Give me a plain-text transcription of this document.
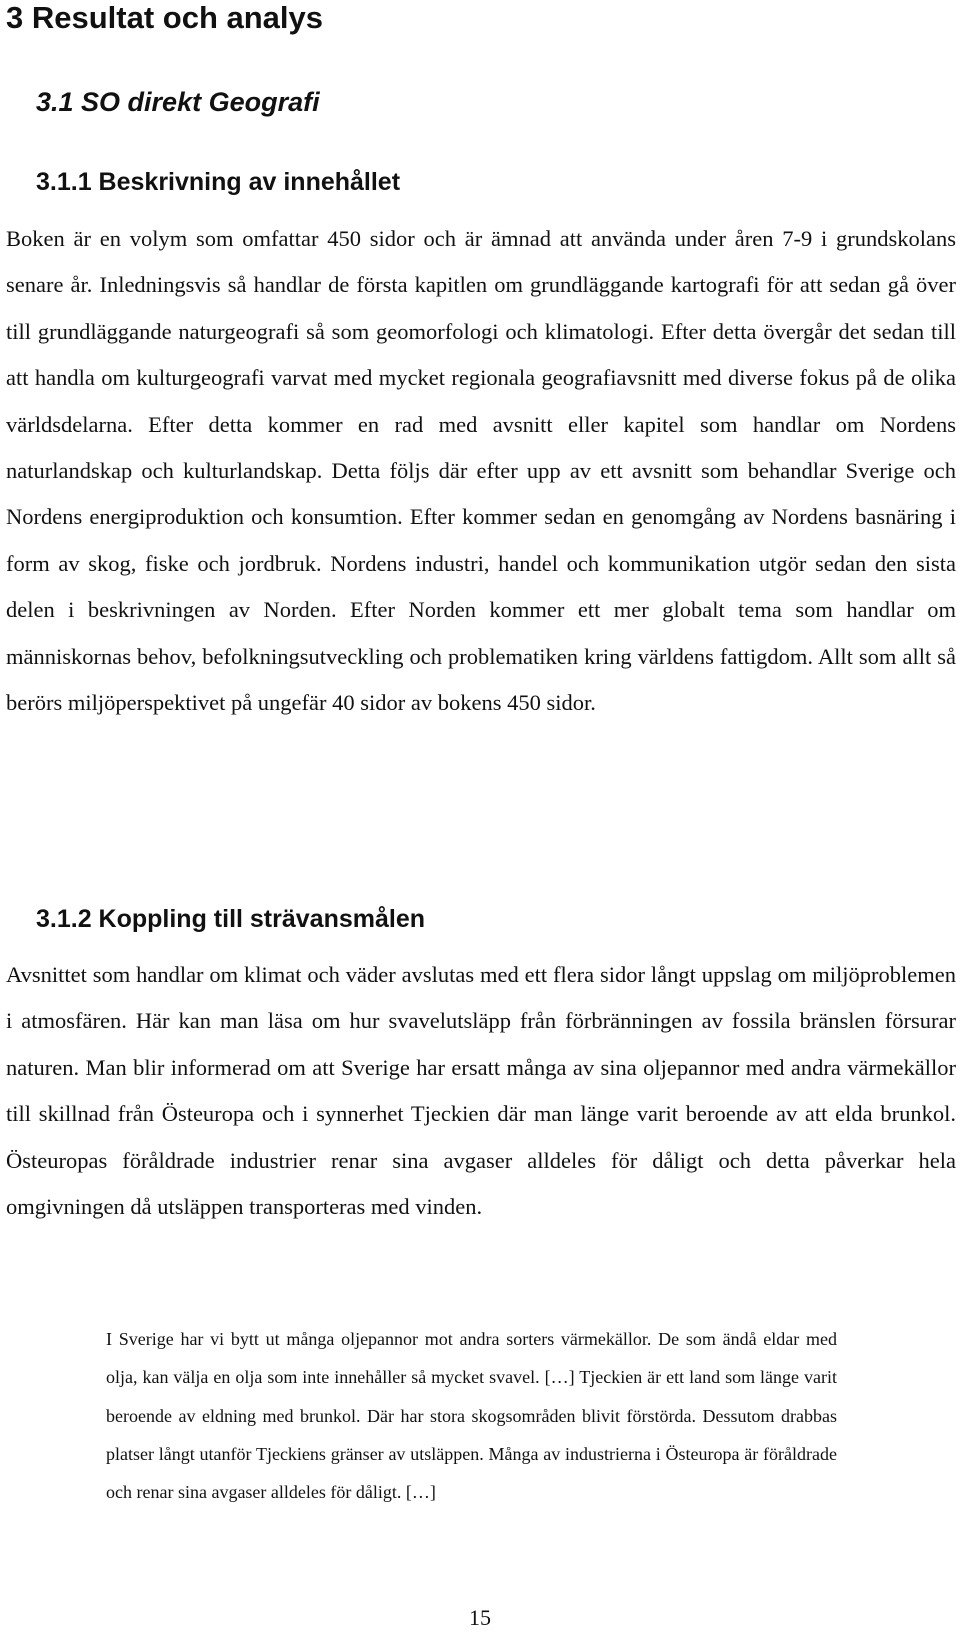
3 Resultat och analys
3.1 SO direkt Geografi
3.1.1 Beskrivning av innehållet

Boken är en volym som omfattar 450 sidor och är ämnad att använda under åren 7-9 i grundskolans senare år. Inledningsvis så handlar de första kapitlen om grundläggande kartografi för att sedan gå över till grundläggande naturgeografi så som geomorfologi och klimatologi. Efter detta övergår det sedan till att handla om kulturgeografi varvat med mycket regionala geografiavsnitt med diverse fokus på de olika världsdelarna. Efter detta kommer en rad med avsnitt eller kapitel som handlar om Nordens naturlandskap och kulturlandskap. Detta följs där efter upp av ett avsnitt som behandlar Sverige och Nordens energiproduktion och konsumtion. Efter kommer sedan en genomgång av Nordens basnäring i form av skog, fiske och jordbruk. Nordens industri, handel och kommunikation utgör sedan den sista delen i beskrivningen av Norden. Efter Norden kommer ett mer globalt tema som handlar om människornas behov, befolkningsutveckling och problematiken kring världens fattigdom. Allt som allt så berörs miljöperspektivet på ungefär 40 sidor av bokens 450 sidor.

3.1.2 Koppling till strävansmålen

Avsnittet som handlar om klimat och väder avslutas med ett flera sidor långt uppslag om miljöproblemen i atmosfären. Här kan man läsa om hur svavelutsläpp från förbränningen av fossila bränslen försurar naturen. Man blir informerad om att Sverige har ersatt många av sina oljepannor med andra värmekällor till skillnad från Östeuropa och i synnerhet Tjeckien där man länge varit beroende av att elda brunkol. Östeuropas föråldrade industrier renar sina avgaser alldeles för dåligt och detta påverkar hela omgivningen då utsläppen transporteras med vinden.

I Sverige har vi bytt ut många oljepannor mot andra sorters värmekällor. De som ändå eldar med olja, kan välja en olja som inte innehåller så mycket svavel. […] Tjeckien är ett land som länge varit beroende av eldning med brunkol. Där har stora skogsområden blivit förstörda. Dessutom drabbas platser långt utanför Tjeckiens gränser av utsläppen. Många av industrierna i Östeuropa är föråldrade och renar sina avgaser alldeles för dåligt. […]
15
